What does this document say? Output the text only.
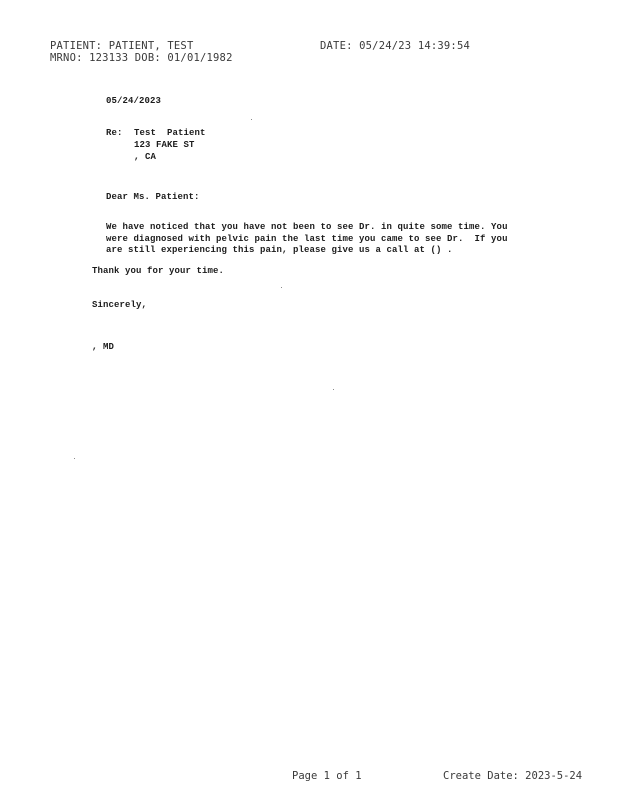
PATIENT: PATIENT, TEST
MRNO: 123133 DOB: 01/01/1982
DATE: 05/24/23 14:39:54
05/24/2023
Re: Test  Patient
123 FAKE ST
, CA
Dear Ms. Patient:
We have noticed that you have not been to see Dr. in quite some time. You
were diagnosed with pelvic pain the last time you came to see Dr.  If you
are still experiencing this pain, please give us a call at () .
Thank you for your time.
Sincerely,
, MD
Page 1 of 1	Create Date: 2023-5-24
